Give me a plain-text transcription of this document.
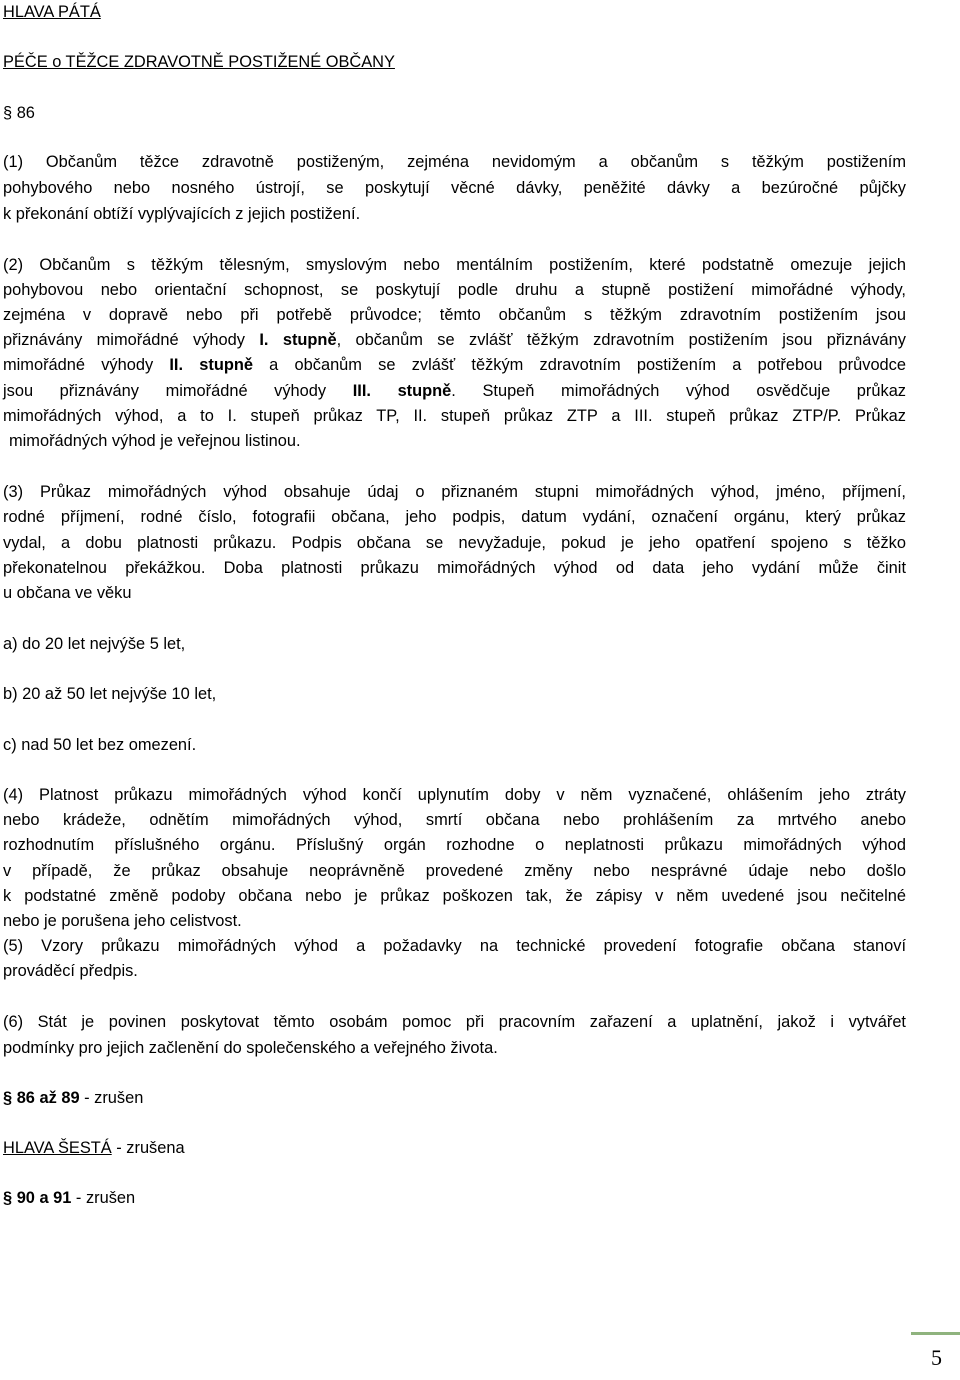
HLAVA PÁTÁ
PÉČE o TĚŽCE ZDRAVOTNĚ POSTIŽENÉ OBČANY
§ 86
(1) Občanům těžce zdravotně postiženým, zejména nevidomým a občanům s těžkým postižením
pohybového nebo nosného ústrojí, se poskytují věcné dávky, peněžité dávky a bezúročné půjčky
k překonání obtíží vyplývajících z jejich postižení.
(2) Občanům s těžkým tělesným, smyslovým nebo mentálním postižením, které podstatně omezuje jejich
pohybovou nebo orientační schopnost, se poskytují podle druhu a stupně postižení mimořádné výhody,
zejména v dopravě nebo při potřebě průvodce; těmto občanům s těžkým zdravotním postižením jsou
přiznávány mimořádné výhody I. stupně, občanům se zvlášť těžkým zdravotním postižením jsou přiznávány
mimořádné výhody II. stupně a občanům se zvlášť těžkým zdravotním postižením a potřebou průvodce
jsou přiznávány mimořádné výhody III. stupně. Stupeň mimořádných výhod osvědčuje průkaz
mimořádných výhod, a to I. stupeň průkaz TP, II. stupeň průkaz ZTP a III. stupeň průkaz ZTP/P. Průkaz
mimořádných výhod je veřejnou listinou.
(3) Průkaz mimořádných výhod obsahuje údaj o přiznaném stupni mimořádných výhod, jméno, příjmení,
rodné příjmení, rodné číslo, fotografii občana, jeho podpis, datum vydání, označení orgánu, který průkaz
vydal, a dobu platnosti průkazu. Podpis občana se nevyžaduje, pokud je jeho opatření spojeno s těžko
překonatelnou překážkou. Doba platnosti průkazu mimořádných výhod od data jeho vydání může činit
u občana ve věku
a) do 20 let nejvýše 5 let,
b) 20 až 50 let nejvýše 10 let,
c) nad 50 let bez omezení.
(4) Platnost průkazu mimořádných výhod končí uplynutím doby v něm vyznačené, ohlášením jeho ztráty
nebo krádeže, odnětím mimořádných výhod, smrtí občana nebo prohlášením za mrtvého anebo
rozhodnutím příslušného orgánu. Příslušný orgán rozhodne o neplatnosti průkazu mimořádných výhod
v případě, že průkaz obsahuje neoprávněně provedené změny nebo nesprávné údaje nebo došlo
k podstatné změně podoby občana nebo je průkaz poškozen tak, že zápisy v něm uvedené jsou nečitelné
nebo je porušena jeho celistvost.
(5) Vzory průkazu mimořádných výhod a požadavky na technické provedení fotografie občana stanoví
prováděcí předpis.
(6) Stát je povinen poskytovat těmto osobám pomoc při pracovním zařazení a uplatnění, jakož i vytvářet
podmínky pro jejich začlenění do společenského a veřejného života.
§ 86 až 89 - zrušen
HLAVA ŠESTÁ - zrušena
§ 90 a 91 - zrušen
5
